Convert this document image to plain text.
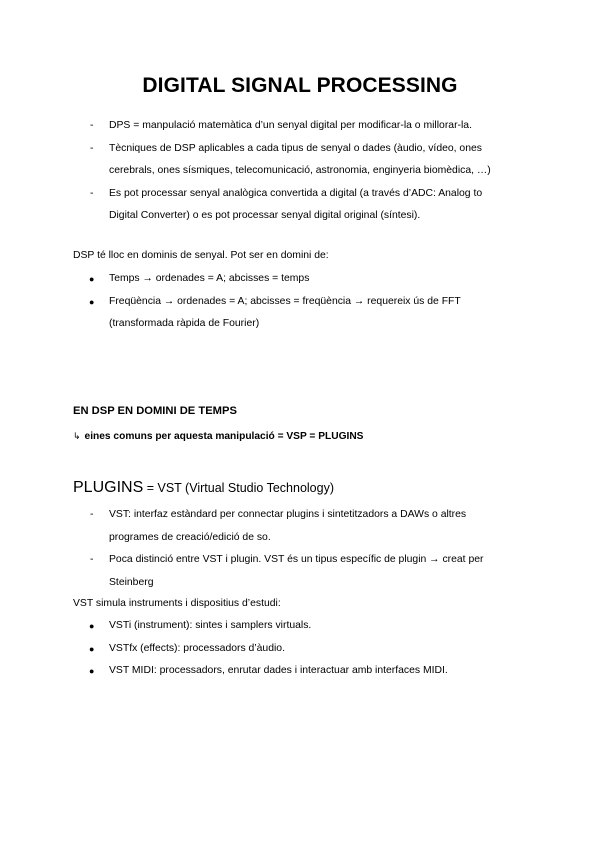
DIGITAL SIGNAL PROCESSING
- DPS = manpulació matemàtica d’un senyal digital per modificar-la o millorar-la.
- Tècniques de DSP aplicables a cada tipus de senyal o dades (àudio, vídeo, ones cerebrals, ones sísmiques, telecomunicació, astronomia, enginyeria biomèdica, …)
- Es pot processar senyal analògica convertida a digital (a través d’ADC: Analog to Digital Converter) o es pot processar senyal digital original (síntesi).

DSP té lloc en dominis de senyal. Pot ser en domini de:

● Temps → ordenades = A; abcisses = temps
● Freqüència → ordenades = A; abcisses = freqüència → requereix ús de FFT (transformada ràpida de Fourier)
EN DSP EN DOMINI DE TEMPS

↳ eines comuns per aquesta manipulació = VSP = PLUGINS

PLUGINS = VST (Virtual Studio Technology)
- VST: interfaz estàndard per connectar plugins i sintetitzadors a DAWs o altres programes de creació/edició de so.
- Poca distinció entre VST i plugin. VST és un tipus específic de plugin → creat per Steinberg

VST simula instruments i dispositius d’estudi:

● VSTi (instrument): sintes i samplers virtuals.
● VSTfx (effects): processadors d’àudio.
● VST MIDI: processadors, enrutar dades i interactuar amb interfaces MIDI.
